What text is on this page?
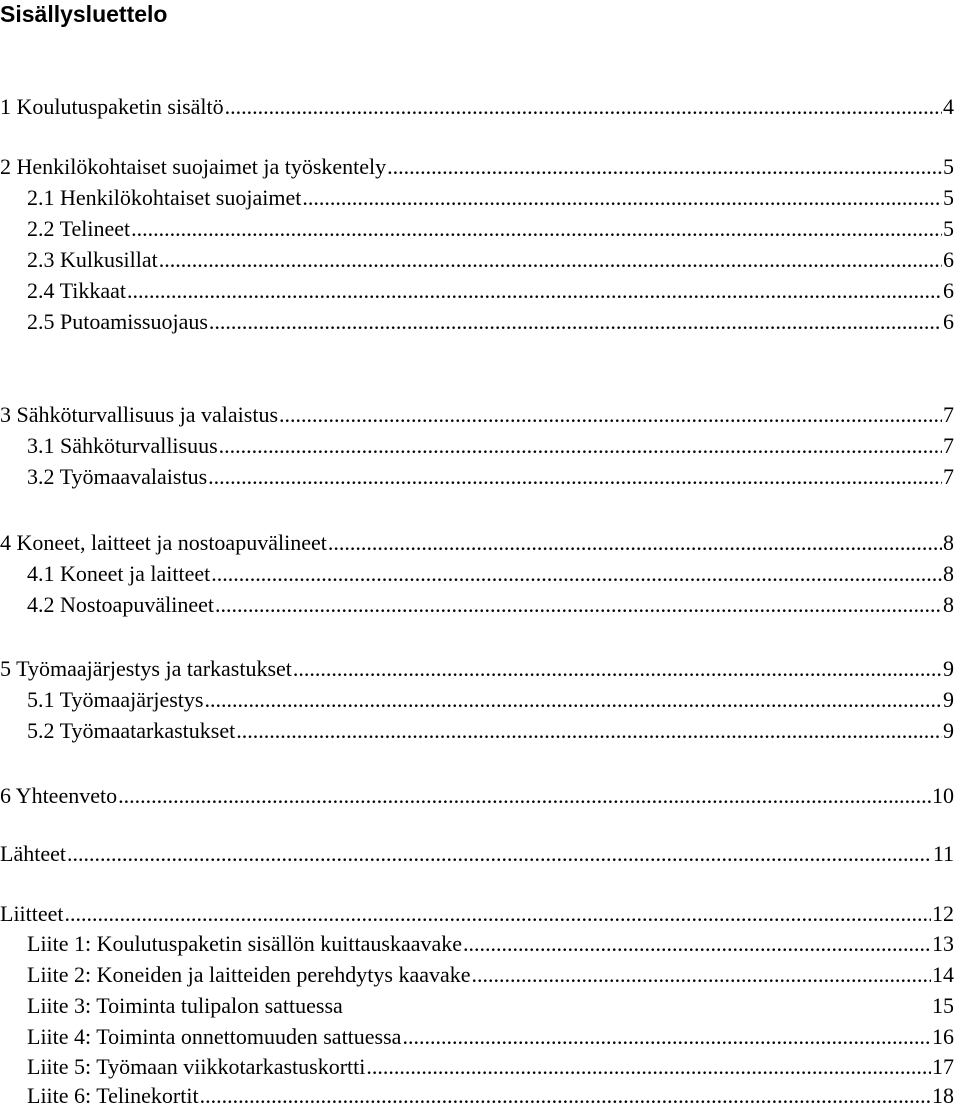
Sisällysluettelo
1 Koulutuspaketin sisältö .....	4
2 Henkilökohtaiset suojaimet ja työskentely .....	5
2.1 Henkilökohtaiset suojaimet .....	5
2.2 Telineet .....	5
2.3 Kulkusillat .....	6
2.4 Tikkaat .....	6
2.5 Putoamissuojaus .....	6
3 Sähköturvallisuus ja valaistus .....	7
3.1 Sähköturvallisuus .....	7
3.2 Työmaavalaistus .....	7
4 Koneet, laitteet ja nostoapuvälineet .....	8
4.1 Koneet ja laitteet .....	8
4.2 Nostoapuvälineet .....	8
5 Työmaajärjestys ja tarkastukset .....	9
5.1 Työmaajärjestys .....	9
5.2 Työmaatarkastukset .....	9
6 Yhteenveto .....	10
Lähteet .....	11
Liitteet .....	12
Liite 1: Koulutuspaketin sisällön kuittauskaavake .....	13
Liite 2: Koneiden ja laitteiden perehdytys kaavake .....	14
Liite 3: Toiminta tulipalon sattuessa	15
Liite 4: Toiminta onnettomuuden sattuessa .....	16
Liite 5: Työmaan viikkotarkastuskortti .....	17
Liite 6: Telinekortit .....	18
